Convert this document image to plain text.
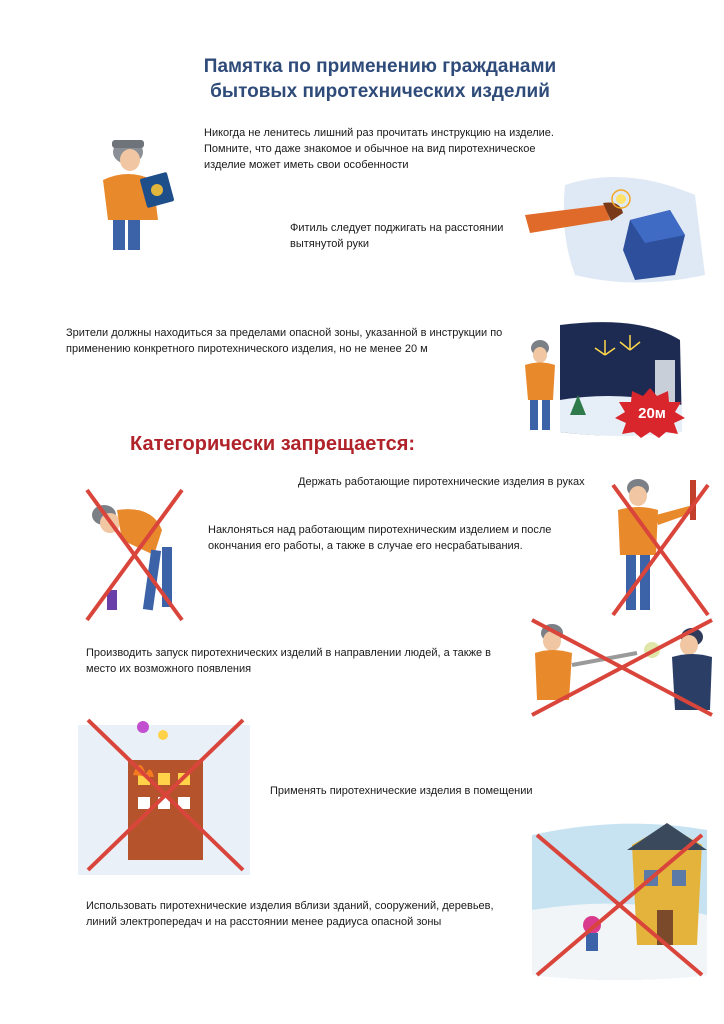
Памятка по применению гражданами
бытовых пиротехнических изделий
Никогда не ленитесь лишний раз прочитать инструкцию на изделие. Помните, что даже знакомое и обычное на вид пиротехническое изделие может иметь свои особенности
Фитиль следует поджигать на расстоянии вытянутой руки
Зрители должны находиться за пределами опасной зоны, указанной в инструкции по применению конкретного пиротехнического изделия, но не менее 20 м
20м
Категорически запрещается:
Держать работающие пиротехнические изделия в руках
Наклоняться над работающим пиротехническим изделием и после окончания его работы, а также в случае его несрабатывания.
Производить запуск пиротехнических изделий в направлении людей, а также в место их возможного появления
Применять пиротехнические изделия в помещении
Использовать пиротехнические изделия вблизи зданий, сооружений, деревьев, линий электропередач и на расстоянии менее радиуса опасной зоны
